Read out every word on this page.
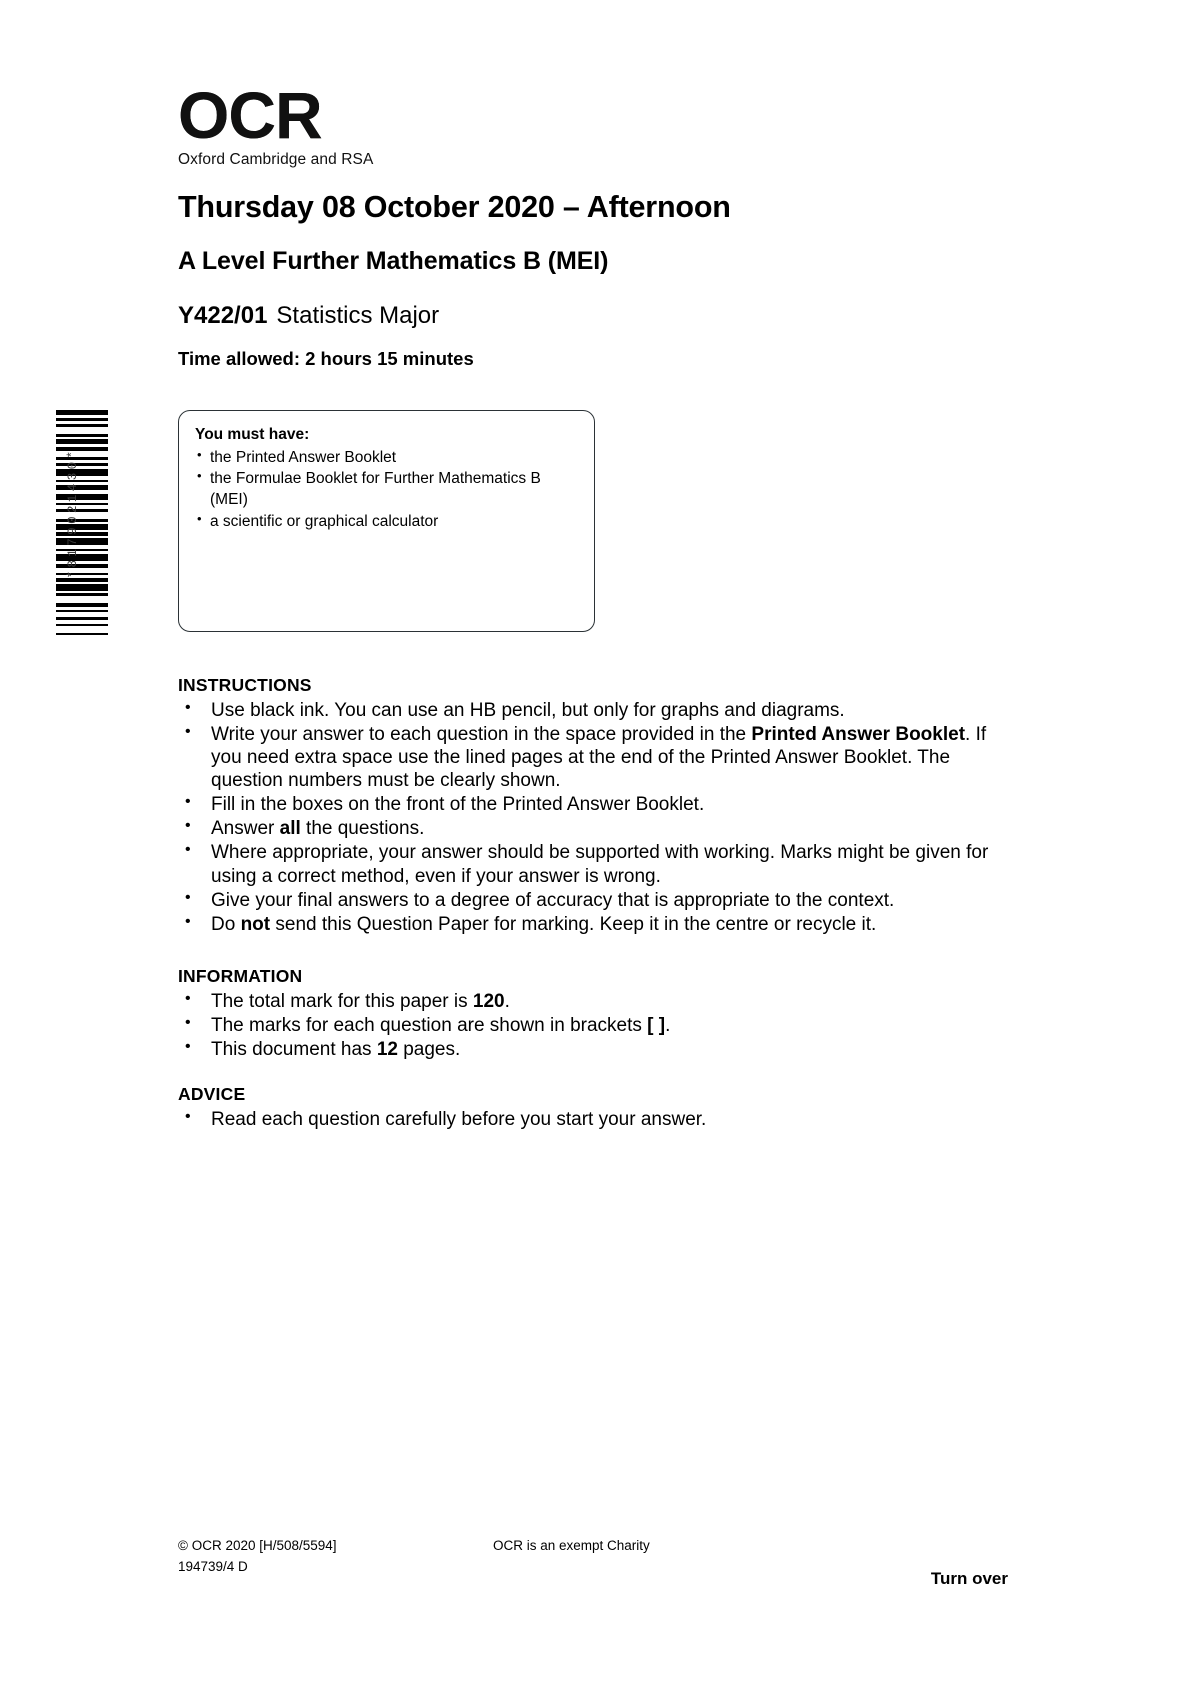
*8179021430*
OCR
Oxford Cambridge and RSA
Thursday 08 October 2020 – Afternoon
A Level Further Mathematics B (MEI)
Y422/01 Statistics Major
Time allowed: 2 hours 15 minutes

You must have:

• the Printed Answer Booklet
• the Formulae Booklet for Further Mathematics B (MEI)
• a scientific or graphical calculator

INSTRUCTIONS

• Use black ink. You can use an HB pencil, but only for graphs and diagrams.
• Write your answer to each question in the space provided in the Printed Answer Booklet. If you need extra space use the lined pages at the end of the Printed Answer Booklet. The question numbers must be clearly shown.
• Fill in the boxes on the front of the Printed Answer Booklet.
• Answer all the questions.
• Where appropriate, your answer should be supported with working. Marks might be given for using a correct method, even if your answer is wrong.
• Give your final answers to a degree of accuracy that is appropriate to the context.
• Do not send this Question Paper for marking. Keep it in the centre or recycle it.

INFORMATION

• The total mark for this paper is 120.
• The marks for each question are shown in brackets [ ].
• This document has 12 pages.

ADVICE

• Read each question carefully before you start your answer.
© OCR 2020 [H/508/5594]
194739/4 D
OCR is an exempt Charity
Turn over
